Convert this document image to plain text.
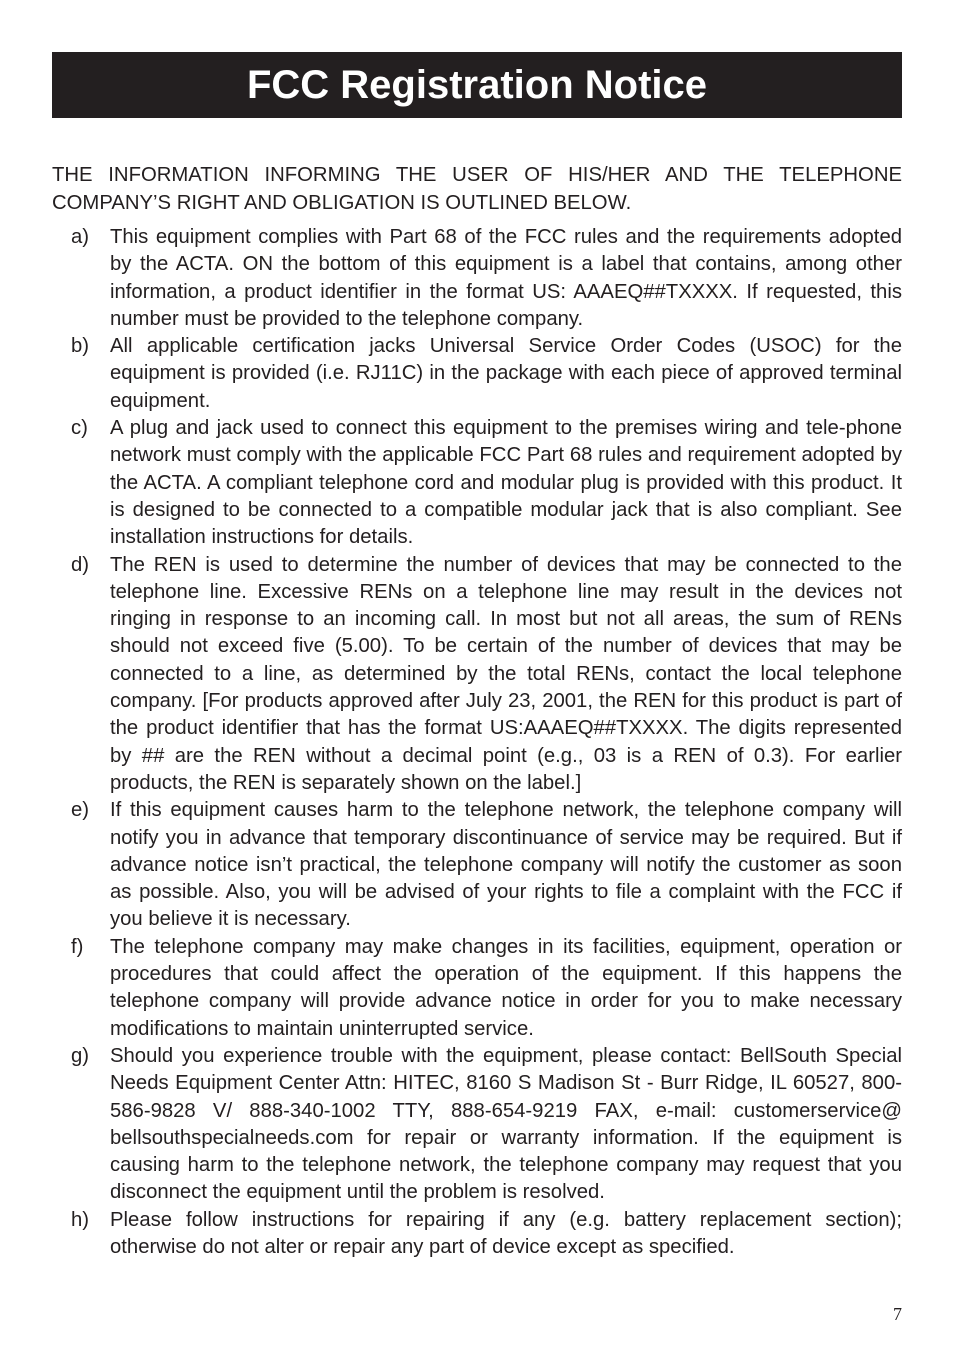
FCC Registration Notice

THE INFORMATION INFORMING THE USER OF HIS/HER AND THE TELEPHONE COMPANY’S RIGHT AND OBLIGATION IS OUTLINED BELOW.

a) This equipment complies with Part 68 of the FCC rules and the requirements adopted by the ACTA. ON the bottom of this equipment is a label that contains, among other information, a product identifier in the format US: AAAEQ##TXXXX. If requested, this number must be provided to the telephone company.
b) All applicable certification jacks Universal Service Order Codes (USOC) for the equipment is provided (i.e. RJ11C) in the package with each piece of approved terminal equipment.
c) A plug and jack used to connect this equipment to the premises wiring and tele-phone network must comply with the applicable FCC Part 68 rules and requirement adopted by the ACTA. A compliant telephone cord and modular plug is provided with this product. It is designed to be connected to a compatible modular jack that is also compliant. See installation instructions for details.
d) The REN is used to determine the number of devices that may be connected to the telephone line. Excessive RENs on a telephone line may result in the devices not ringing in response to an incoming call. In most but not all areas, the sum of RENs should not exceed five (5.00). To be certain of the number of devices that may be connected to a line, as determined by the total RENs, contact the local telephone company. [For products approved after July 23, 2001, the REN for this product is part of the product identifier that has the format US:AAAEQ##TXXXX. The digits represented by ## are the REN without a decimal point (e.g., 03 is a REN of 0.3). For earlier products, the REN is separately shown on the label.]
e) If this equipment causes harm to the telephone network, the telephone company will notify you in advance that temporary discontinuance of service may be required. But if advance notice isn’t practical, the telephone company will notify the customer as soon as possible. Also, you will be advised of your rights to file a complaint with the FCC if you believe it is necessary.
f) The telephone company may make changes in its facilities, equipment, operation or procedures that could affect the operation of the equipment. If this happens the telephone company will provide advance notice in order for you to make necessary modifications to maintain uninterrupted service.
g) Should you experience trouble with the equipment, please contact: BellSouth Special Needs Equipment Center Attn: HITEC, 8160 S Madison St - Burr Ridge, IL 60527, 800-586-9828 V/ 888-340-1002 TTY, 888-654-9219 FAX, e-mail: customerservice@ bellsouthspecialneeds.com for repair or warranty information. If the equipment is causing harm to the telephone network, the telephone company may request that you disconnect the equipment until the problem is resolved.
h) Please follow instructions for repairing if any (e.g. battery replacement section); otherwise do not alter or repair any part of device except as specified.
7
